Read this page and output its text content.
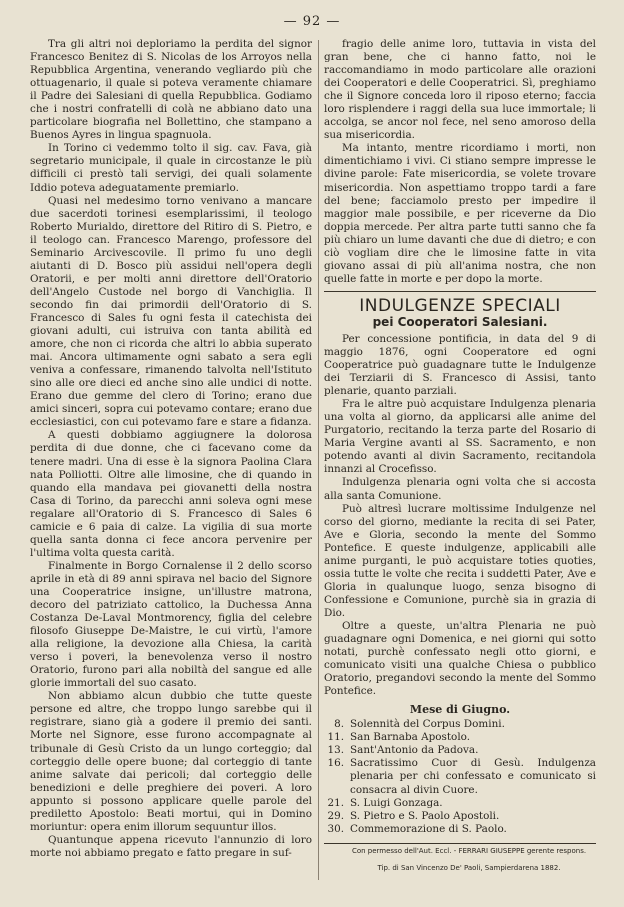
— 92 —

Tra gli altri noi deploriamo la perdita del signor Francesco Benitez di S. Nicolas de los Arroyos nella Repubblica Argentina, venerando vegliardo più che ottuagenario, il quale si poteva veramente chiamare il Padre dei Salesiani di quella Repubblica. Godiamo che i nostri confratelli di colà ne abbiano dato una particolare biografia nel Bollettino, che stampano a Buenos Ayres in lingua spagnuola.

In Torino ci vedemmo tolto il sig. cav. Fava, già segretario municipale, il quale in circostanze le più difficili ci prestò tali servigi, dei quali solamente Iddio poteva adeguatamente premiarlo.

Quasi nel medesimo torno venivano a mancare due sacerdoti torinesi esemplarissimi, il teologo Roberto Murialdo, direttore del Ritiro di S. Pietro, e il teologo can. Francesco Marengo, professore del Seminario Arcivescovile. Il primo fu uno degli aiutanti di D. Bosco più assidui nell'opera degli Oratorii, e per molti anni direttore dell'Oratorio dell'Angelo Custode nel borgo di Vanchiglia. Il secondo fin dai primordii dell'Oratorio di S. Francesco di Sales fu ogni festa il catechista dei giovani adulti, cui istruiva con tanta abilità ed amore, che non ci ricorda che altri lo abbia superato mai. Ancora ultimamente ogni sabato a sera egli veniva a confessare, rimanendo talvolta nell'Istituto sino alle ore dieci ed anche sino alle undici di notte. Erano due gemme del clero di Torino; erano due amici sinceri, sopra cui potevamo contare; erano due ecclesiastici, con cui potevamo fare e stare a fidanza.

A questi dobbiamo aggiugnere la dolorosa perdita di due donne, che ci facevano come da tenere madri. Una di esse è la signora Paolina Clara nata Polliotti. Oltre alle limosine, che di quando in quando ella mandava pei giovanetti della nostra Casa di Torino, da parecchi anni soleva ogni mese regalare all'Oratorio di S. Francesco di Sales 6 camicie e 6 paia di calze. La vigilia di sua morte quella santa donna ci fece ancora pervenire per l'ultima volta questa carità.

Finalmente in Borgo Cornalense il 2 dello scorso aprile in età di 89 anni spirava nel bacio del Signore una Cooperatrice insigne, un'illustre matrona, decoro del patriziato cattolico, la Duchessa Anna Costanza De-Laval Montmorency, figlia del celebre filosofo Giuseppe De-Maistre, le cui virtù, l'amore alla religione, la devozione alla Chiesa, la carità verso i poveri, la benevolenza verso il nostro Oratorio, furono pari alla nobiltà del sangue ed alle glorie immortali del suo casato.

Non abbiamo alcun dubbio che tutte queste persone ed altre, che troppo lungo sarebbe qui il registrare, siano già a godere il premio dei santi. Morte nel Signore, esse furono accompagnate al tribunale di Gesù Cristo da un lungo corteggio; dal corteggio delle opere buone; dal corteggio di tante anime salvate dai pericoli; dal corteggio delle benedizioni e delle preghiere dei poveri. A loro appunto si possono applicare quelle parole del prediletto Apostolo: Beati mortui, qui in Domino moriuntur: opera enim illorum sequuntur illos.

Quantunque appena ricevuto l'annunzio di loro morte noi abbiamo pregato e fatto pregare in suf-

fragio delle anime loro, tuttavia in vista del gran bene, che ci hanno fatto, noi le raccomandiamo in modo particolare alle orazioni dei Cooperatori e delle Cooperatrici. Sì, preghiamo che il Signore conceda loro il riposo eterno; faccia loro risplendere i raggi della sua luce immortale; li accolga, se ancor nol fece, nel seno amoroso della sua misericordia.

Ma intanto, mentre ricordiamo i morti, non dimentichiamo i vivi. Ci stiano sempre impresse le divine parole: Fate misericordia, se volete trovare misericordia. Non aspettiamo troppo tardi a fare del bene; facciamolo presto per impedire il maggior male possibile, e per riceverne da Dio doppia mercede. Per altra parte tutti sanno che fa più chiaro un lume davanti che due di dietro; e con ciò vogliam dire che le limosine fatte in vita giovano assai di più all'anima nostra, che non quelle fatte in morte e per dopo la morte.

INDULGENZE SPECIALI
pei Cooperatori Salesiani.

Per concessione pontificia, in data del 9 di maggio 1876, ogni Cooperatore ed ogni Cooperatrice può guadagnare tutte le Indulgenze dei Terziarii di S. Francesco di Assisi, tanto plenarie, quanto parziali.

Fra le altre può acquistare Indulgenza plenaria una volta al giorno, da applicarsi alle anime del Purgatorio, recitando la terza parte del Rosario di Maria Vergine avanti al SS. Sacramento, e non potendo avanti al divin Sacramento, recitandola innanzi al Crocefisso.

Indulgenza plenaria ogni volta che si accosta alla santa Comunione.

Può altresì lucrare moltissime Indulgenze nel corso del giorno, mediante la recita di sei Pater, Ave e Gloria, secondo la mente del Sommo Pontefice. E queste indulgenze, applicabili alle anime purganti, le può acquistare toties quoties, ossia tutte le volte che recita i suddetti Pater, Ave e Gloria in qualunque luogo, senza bisogno di Confessione e Comunione, purchè sia in grazia di Dio.

Oltre a queste, un'altra Plenaria ne può guadagnare ogni Domenica, e nei giorni qui sotto notati, purchè confessato negli otto giorni, e comunicato visiti una qualche Chiesa o pubblico Oratorio, pregandovi secondo la mente del Sommo Pontefice.

Mese di Giugno.
8. Solennità del Corpus Domini.
11. San Barnaba Apostolo.
13. Sant'Antonio da Padova.
16. Sacratissimo Cuor di Gesù. Indulgenza plenaria per chi confessato e comunicato si consacra al divin Cuore.
21. S. Luigi Gonzaga.
29. S. Pietro e S. Paolo Apostoli.
30. Commemorazione di S. Paolo.

Con permesso dell'Aut. Eccl. - FERRARI GIUSEPPE gerente respons.

Tip. di San Vincenzo De' Paoli, Sampierdarena 1882.
